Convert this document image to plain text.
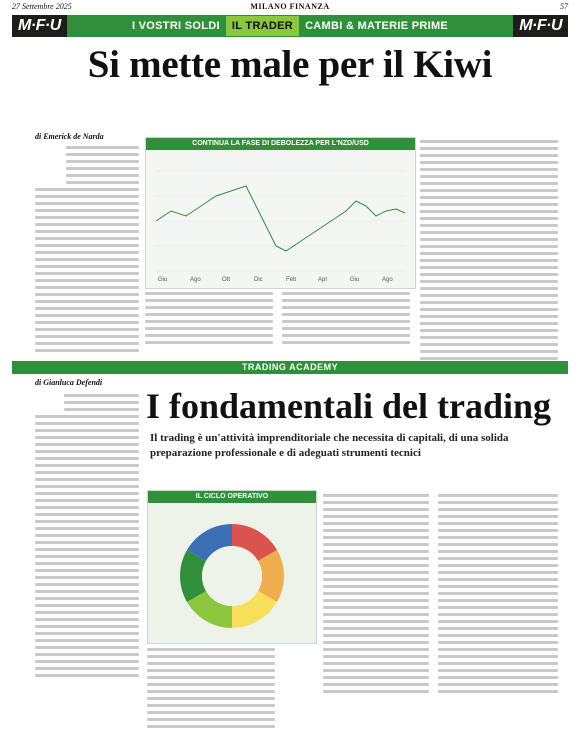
27 Settembre 2025	MILANO FINANZA	57
M·F·U	I VOSTRI SOLDI	IL TRADER	CAMBI & MATERIE PRIME	M·F·U
Si mette male per il Kiwi
di Emerick de Narda
CONTINUA LA FASE DI DEBOLEZZA PER L'NZD/USD
Giu	Ago	Ott	Dic	Feb	Apr	Giu	Ago
TRADING ACADEMY
di Gianluca Defendi
I fondamentali del trading
Il trading è un'attività imprenditoriale che necessita di capitali, di una solida preparazione professionale e di adeguati strumenti tecnici
IL CICLO OPERATIVO
